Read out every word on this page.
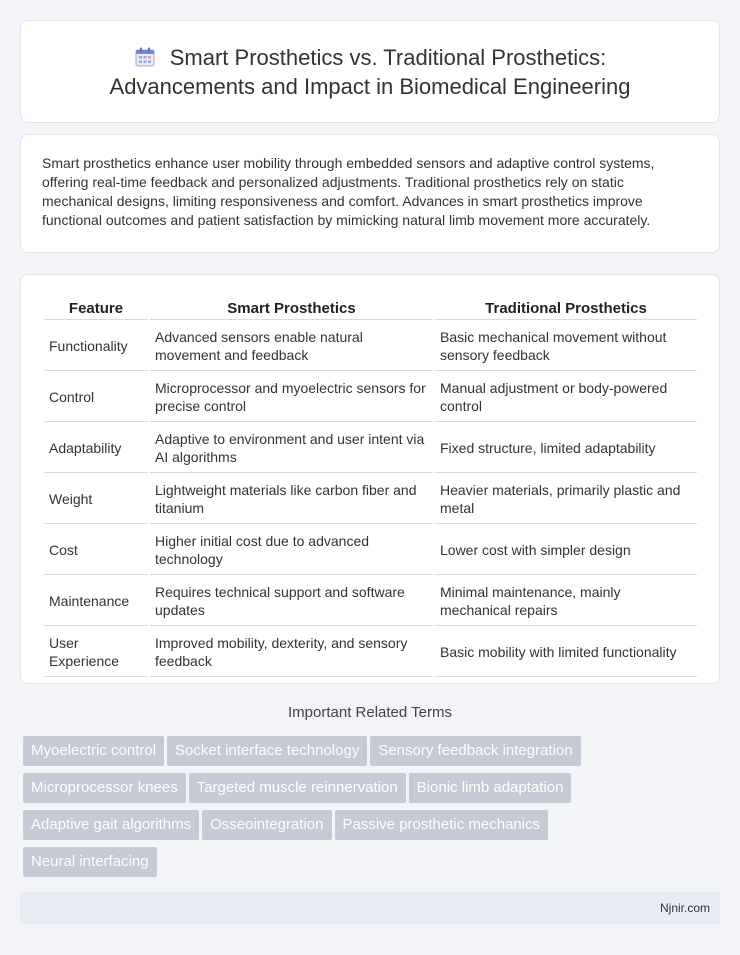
Smart Prosthetics vs. Traditional Prosthetics: Advancements and Impact in Biomedical Engineering

Smart prosthetics enhance user mobility through embedded sensors and adaptive control systems, offering real-time feedback and personalized adjustments. Traditional prosthetics rely on static mechanical designs, limiting responsiveness and comfort. Advances in smart prosthetics improve functional outcomes and patient satisfaction by mimicking natural limb movement more accurately.

Feature	Smart Prosthetics	Traditional Prosthetics
Functionality	Advanced sensors enable natural movement and feedback	Basic mechanical movement without sensory feedback
Control	Microprocessor and myoelectric sensors for precise control	Manual adjustment or body-powered control
Adaptability	Adaptive to environment and user intent via AI algorithms	Fixed structure, limited adaptability
Weight	Lightweight materials like carbon fiber and titanium	Heavier materials, primarily plastic and metal
Cost	Higher initial cost due to advanced technology	Lower cost with simpler design
Maintenance	Requires technical support and software updates	Minimal maintenance, mainly mechanical repairs
User Experience	Improved mobility, dexterity, and sensory feedback	Basic mobility with limited functionality
Important Related Terms
Myoelectric control Socket interface technology Sensory feedback integration
Microprocessor knees Targeted muscle reinnervation Bionic limb adaptation
Adaptive gait algorithms Osseointegration Passive prosthetic mechanics
Neural interfacing
Njnir.com
